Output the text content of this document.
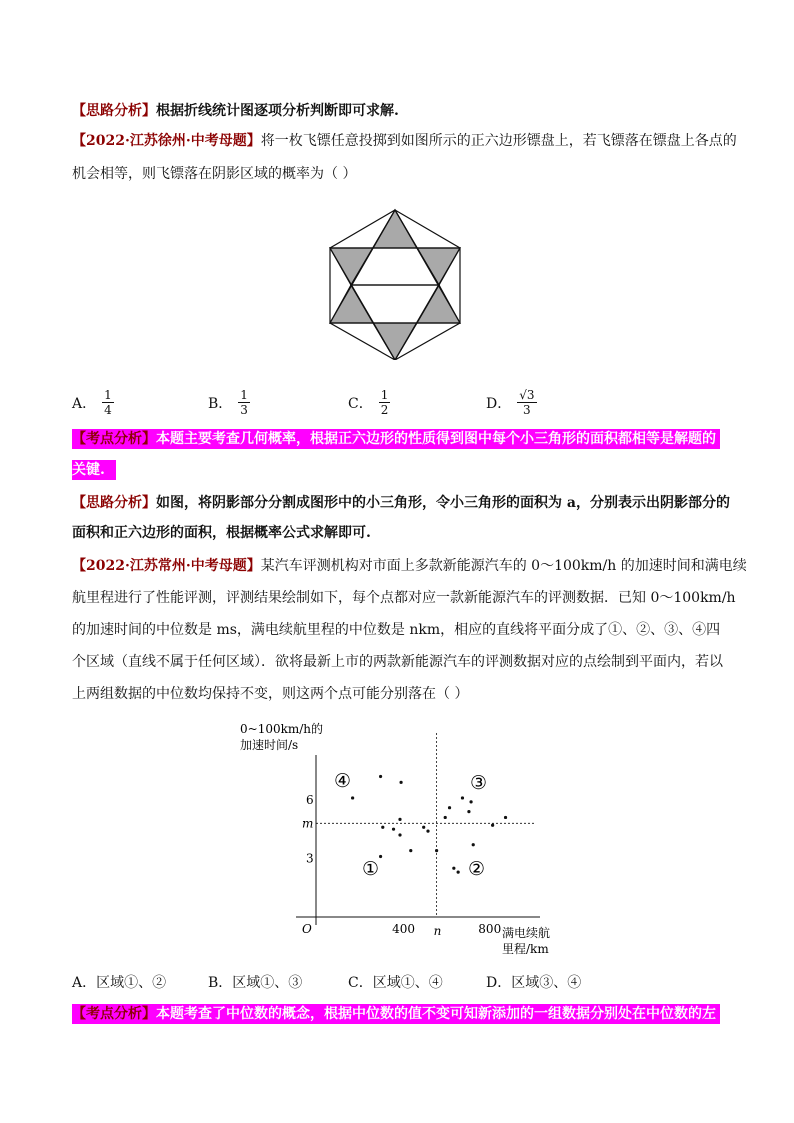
【思路分析】根据折线统计图逐项分析判断即可求解.
【2022·江苏徐州·中考母题】将一枚飞镖任意投掷到如图所示的正六边形镖盘上，若飞镖落在镖盘上各点的
机会相等，则飞镖落在阴影区域的概率为（ ）
A． $\frac{1}{4}$	B． $\frac{1}{3}$	C． $\frac{1}{2}$	D． $\frac{√3}{3}$
【考点分析】本题主要考查几何概率，根据正六边形的性质得到图中每个小三角形的面积都相等是解题的
关键.
【思路分析】如图，将阴影部分分割成图形中的小三角形，令小三角形的面积为 a，分别表示出阴影部分的
面积和正六边形的面积，根据概率公式求解即可.
【2022·江苏常州·中考母题】某汽车评测机构对市面上多款新能源汽车的 0～100km/h 的加速时间和满电续
航里程进行了性能评测，评测结果绘制如下，每个点都对应一款新能源汽车的评测数据．已知 0～100km/h
的加速时间的中位数是 ms，满电续航里程的中位数是 nkm，相应的直线将平面分成了①、②、③、④四
个区域（直线不属于任何区域）．欲将最新上市的两款新能源汽车的评测数据对应的点绘制到平面内，若以
上两组数据的中位数均保持不变，则这两个点可能分别落在（ ）
0~100km/h的
加速时间/s
满电续航
里程/km
O	400 n	800
6
m
3	①	②
③
④
A．区域①、②	B．区域①、③	C．区域①、④	D．区域③、④
【考点分析】本题考查了中位数的概念，根据中位数的值不变可知新添加的一组数据分别处在中位数的左
